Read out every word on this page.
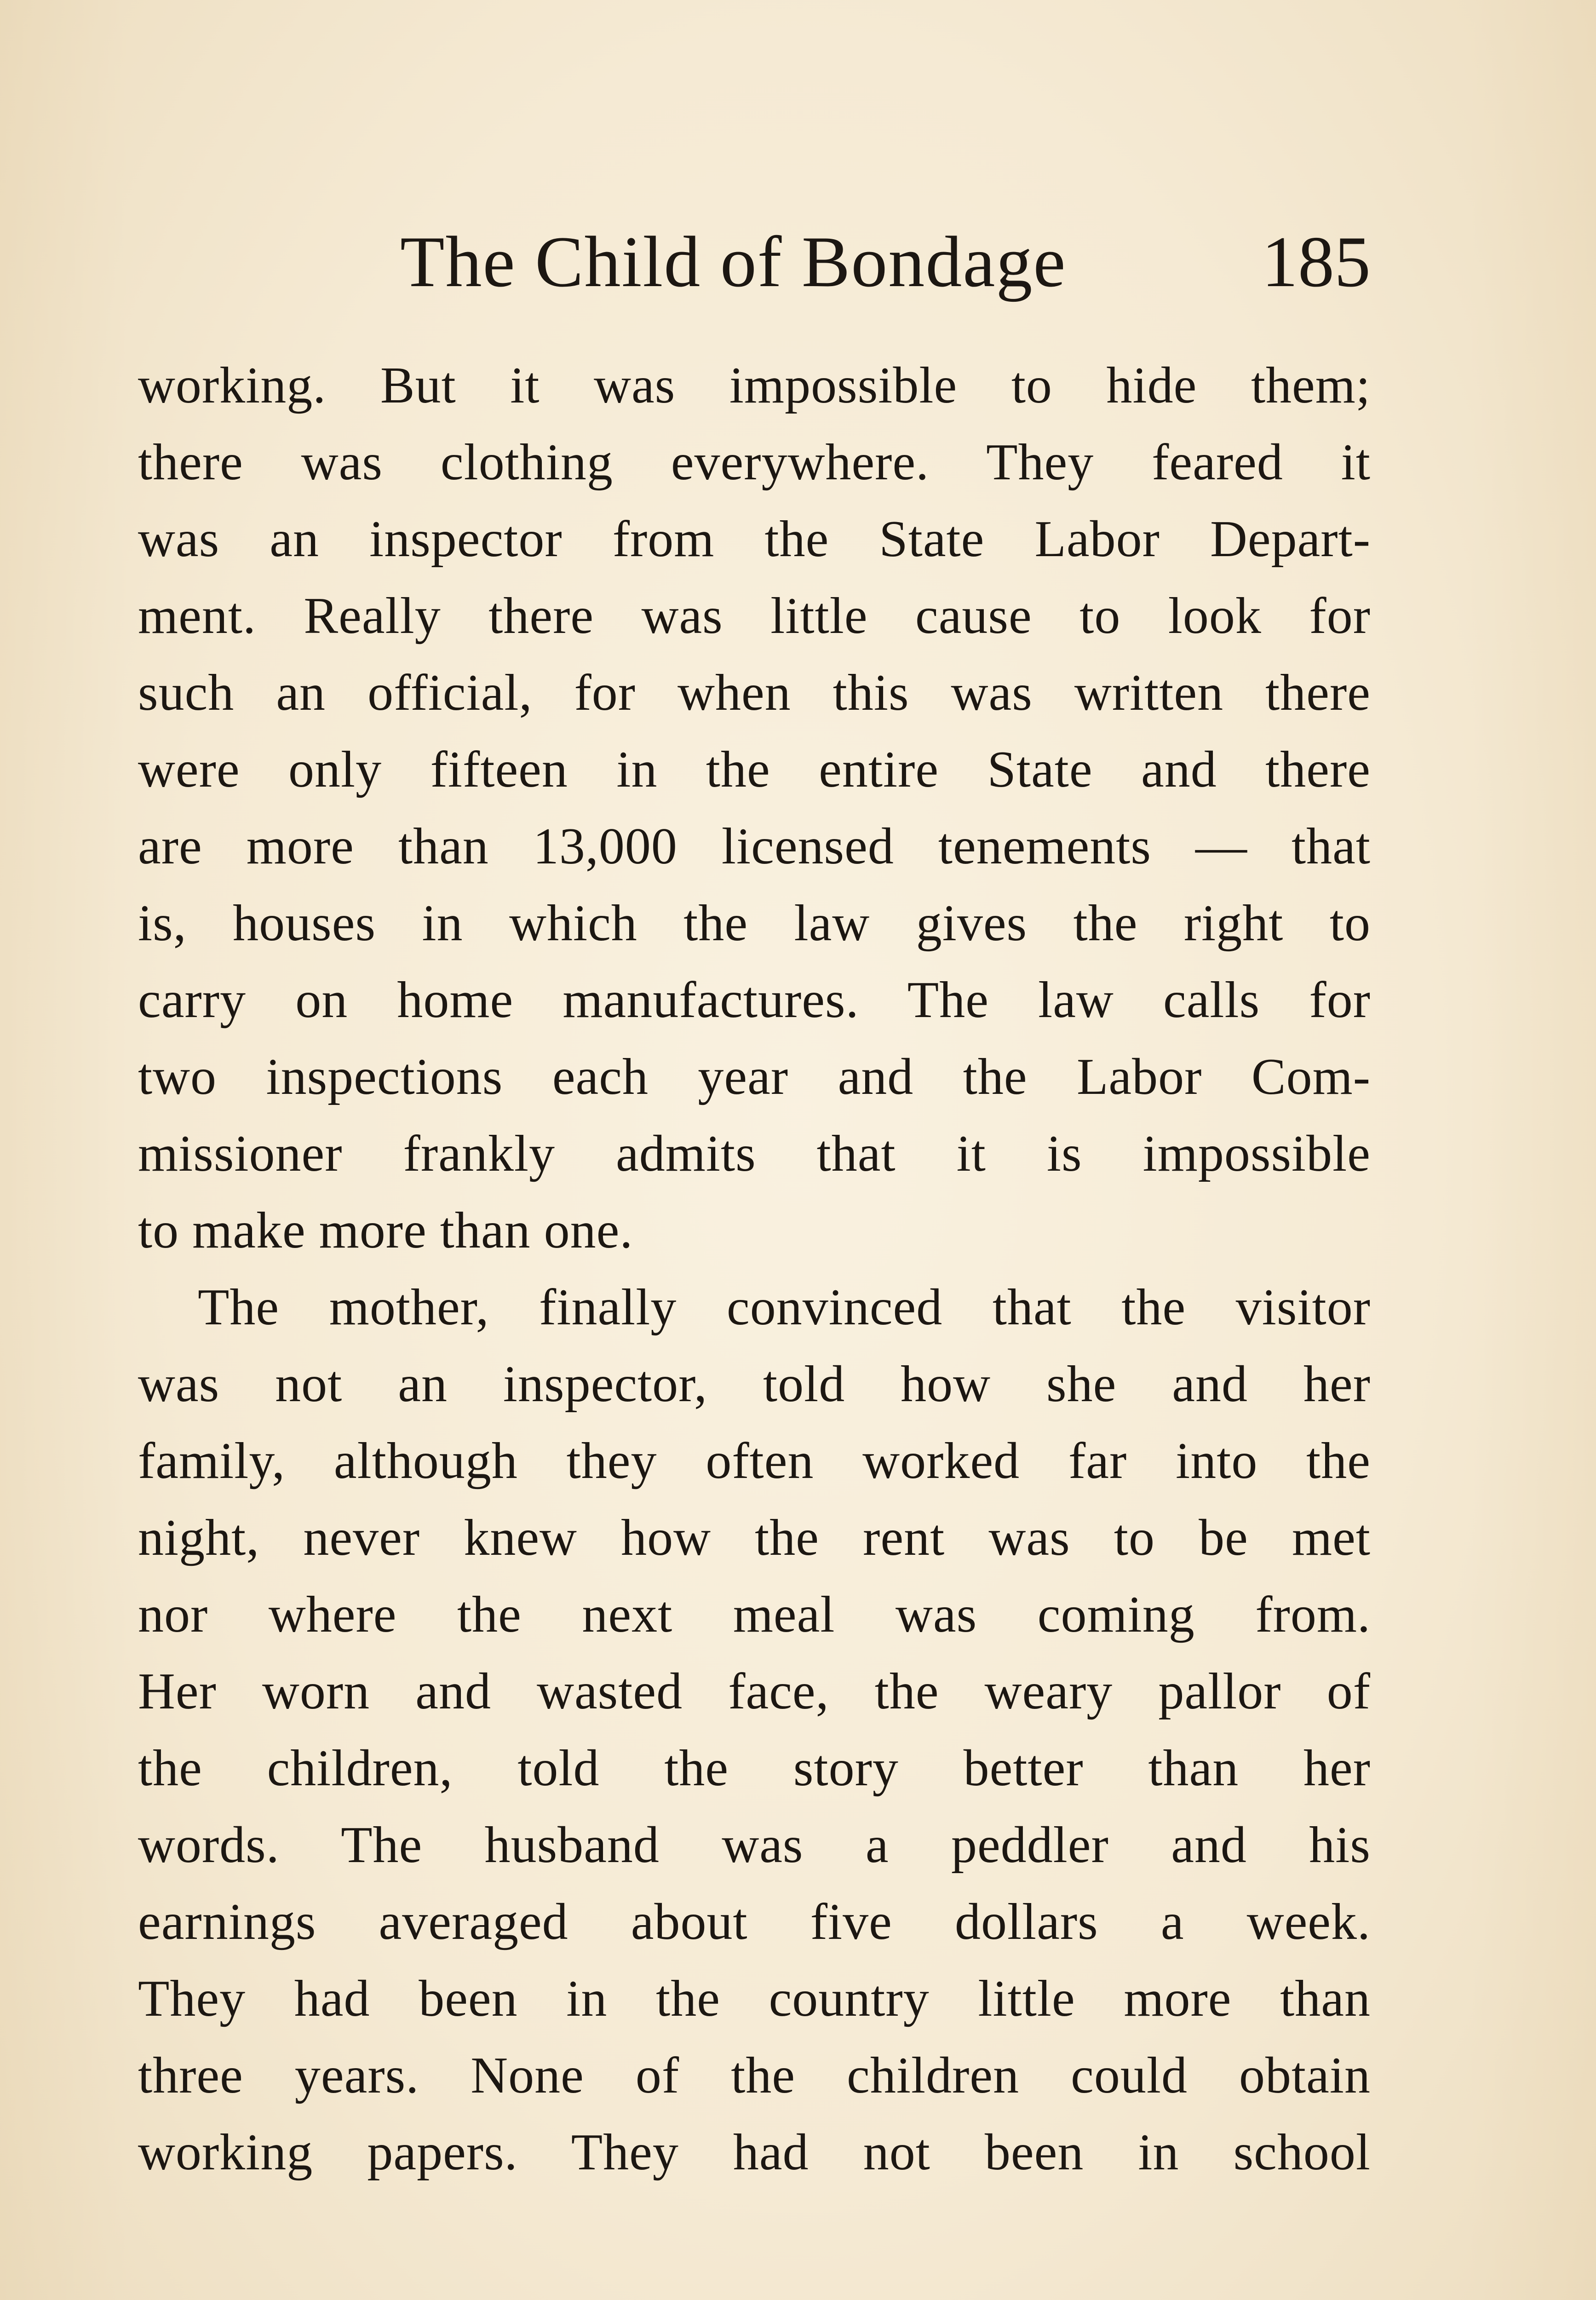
The Child of Bondage	185
working. But it was impossible to hide them;
there was clothing everywhere. They feared it
was an inspector from the State Labor Depart-
ment. Really there was little cause to look for
such an official, for when this was written there
were only fifteen in the entire State and there
are more than 13,000 licensed tenements — that
is, houses in which the law gives the right to
carry on home manufactures. The law calls for
two inspections each year and the Labor Com-
missioner frankly admits that it is impossible
to make more than one.
The mother, finally convinced that the visitor
was not an inspector, told how she and her
family, although they often worked far into the
night, never knew how the rent was to be met
nor where the next meal was coming from.
Her worn and wasted face, the weary pallor of
the children, told the story better than her
words. The husband was a peddler and his
earnings averaged about five dollars a week.
They had been in the country little more than
three years. None of the children could obtain
working papers. They had not been in school
